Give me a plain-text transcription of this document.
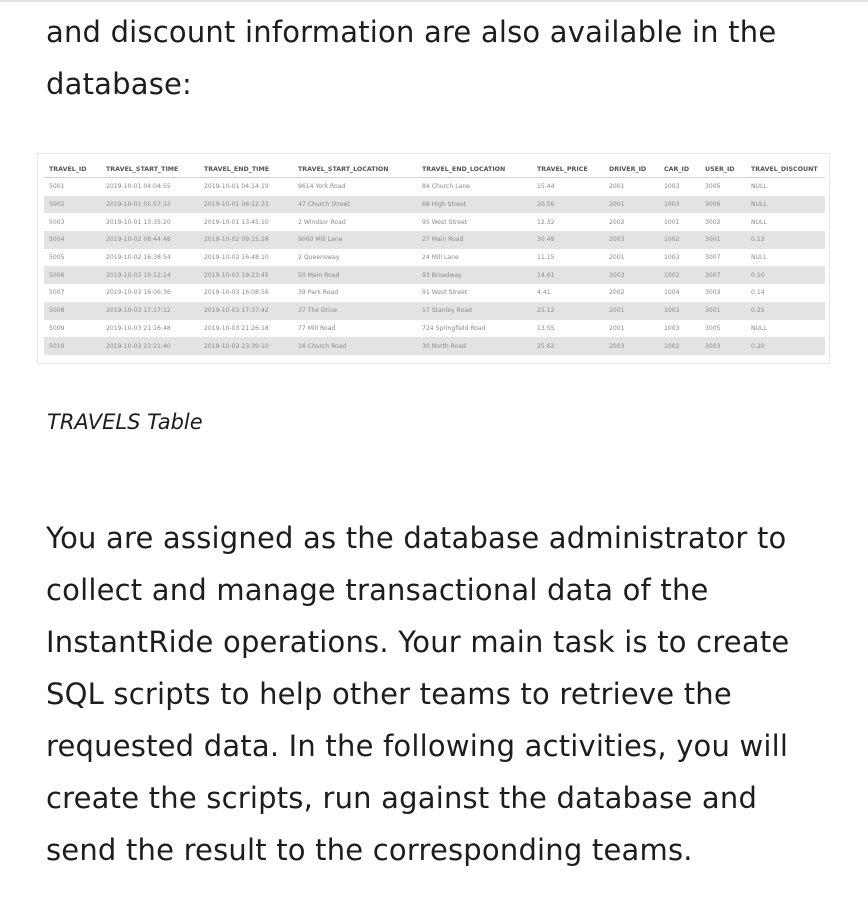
and discount information are also available in the database:

TRAVEL_ID	TRAVEL_START_TIME	TRAVEL_END_TIME	TRAVEL_START_LOCATION	TRAVEL_END_LOCATION	TRAVEL_PRICE	DRIVER_ID	CAR_ID	USER_ID	TRAVEL_DISCOUNT
5001	2019-10-01 04:04:55	2019-10-01 04:14:19	9614 York Road	84 Church Lane	15.44	2001	1003	3005	NULL
5002	2019-10-01 05:57:33	2019-10-01 06:12:33	47 Church Street	68 High Street	20.56	2001	1003	3006	NULL
5003	2019-10-01 13:35:20	2019-10-01 13:45:10	2 Windsor Road	95 West Street	12.32	2002	1001	3002	NULL
5004	2019-10-02 08:44:48	2019-10-02 09:15:28	9060 Mill Lane	27 Main Road	30.49	2003	1002	3001	0.13
5005	2019-10-02 16:38:54	2019-10-02 16:48:10	2 Queensway	24 Mill Lane	11.15	2001	1003	3007	NULL
5006	2019-10-03 19:12:14	2019-10-03 19:23:45	50 Main Road	93 Broadway	14.61	2003	1002	3007	0.10
5007	2019-10-03 16:06:36	2019-10-03 16:08:56	39 Park Road	91 West Street	4.41	2002	1004	3003	0.14
5008	2019-10-03 17:17:12	2019-10-03 17:37:42	37 The Drive	17 Stanley Road	25.12	2001	1003	3001	0.25
5009	2019-10-03 21:16:48	2019-10-03 21:26:18	77 Mill Road	724 Springfield Road	13.55	2001	1003	3005	NULL
5010	2019-10-03 23:21:40	2019-10-03 23:39:10	16 Church Road	30 North Road	25.62	2003	1002	3003	0.20

TRAVELS Table

You are assigned as the database administrator to collect and manage transactional data of the InstantRide operations. Your main task is to create SQL scripts to help other teams to retrieve the requested data. In the following activities, you will create the scripts, run against the database and send the result to the corresponding teams.
